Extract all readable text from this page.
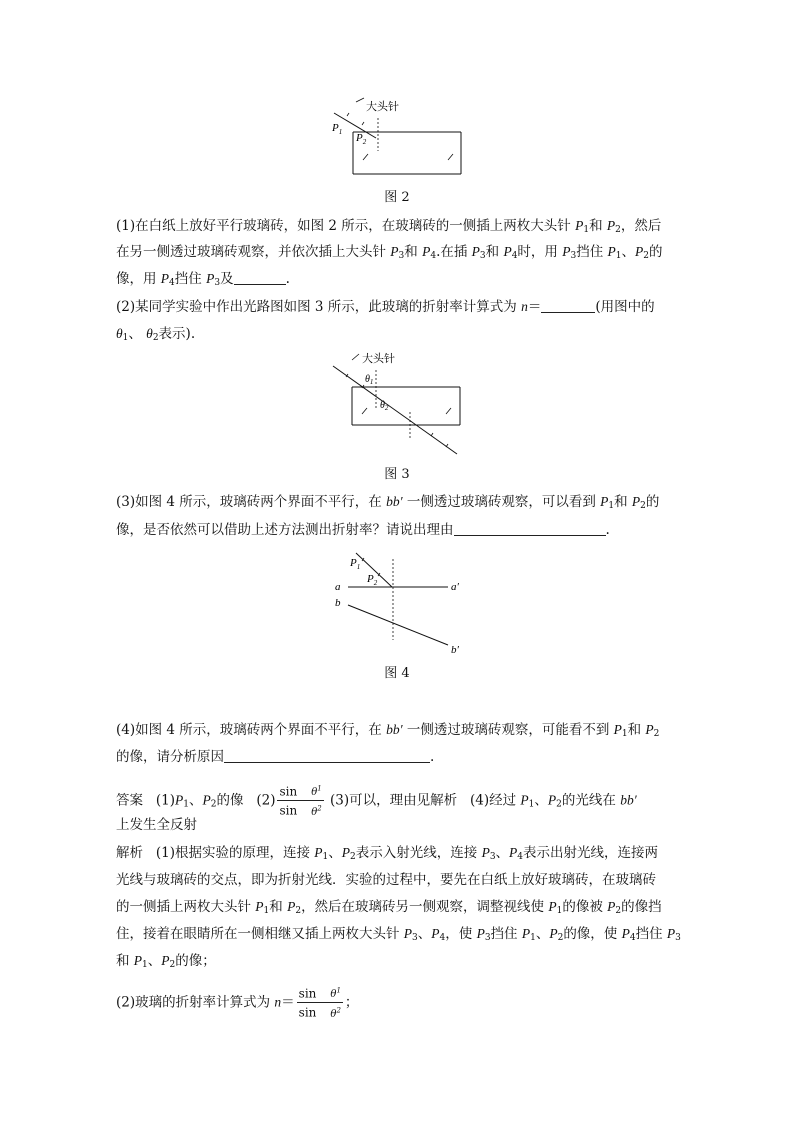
大头针
$P_1$ $P_2$
图 2
(1)在白纸上放好平行玻璃砖，如图 2 所示，在玻璃砖的一侧插上两枚大头针 $P_1$和 $P_2$，然后
在另一侧透过玻璃砖观察，并依次插上大头针 $P_3$和 $P_4$.在插 $P_3$和 $P_4$时，用 $P_3$挡住 $P_1$、$P_2$的
像，用 $P_4$挡住 $P_3$及	.
(2)某同学实验中作出光路图如图 3 所示，此玻璃的折射率计算式为 n＝	(用图中的
$\theta_1$、 $\theta_2$表示).
大头针
$\theta_1$
$\theta_2$
图 3
(3)如图 4 所示，玻璃砖两个界面不平行，在 bb′ 一侧透过玻璃砖观察，可以看到 $P_1$和 $P_2$的
像，是否依然可以借助上述方法测出折射率？请说出理由	.
$P_1$
$P_2$
a	a′
b
b′
图 4
(4)如图 4 所示，玻璃砖两个界面不平行，在 bb′ 一侧透过玻璃砖观察，可能看不到 $P_1$和 $P_2$
的像，请分析原因	.
答案 $(1)P_1$、$P_2$的像 $(2) \frac{\sin \theta^1}{\sin \theta^2} (3)$可以，理由见解析 (4)经过 $P_1$、$P_2$的光线在 bb′
上发生全反射
解析 (1)根据实验的原理，连接 $P_1$、$P_2$表示入射光线，连接 $P_3$、$P_4$表示出射光线，连接两
光线与玻璃砖的交点，即为折射光线．实验的过程中，要先在白纸上放好玻璃砖，在玻璃砖
的一侧插上两枚大头针 $P_1$和 $P_2$，然后在玻璃砖另一侧观察，调整视线使 $P_1$的像被 $P_2$的像挡
住，接着在眼睛所在一侧相继又插上两枚大头针 $P_3$、$P_4$，使 $P_3$挡住 $P_1$、$P_2$的像，使 $P_4$挡住 $P_3$
和 $P_1$、$P_2$的像；
(2)玻璃的折射率计算式为 $n= \frac{\sin \theta^1}{\sin \theta^2}$ ；
